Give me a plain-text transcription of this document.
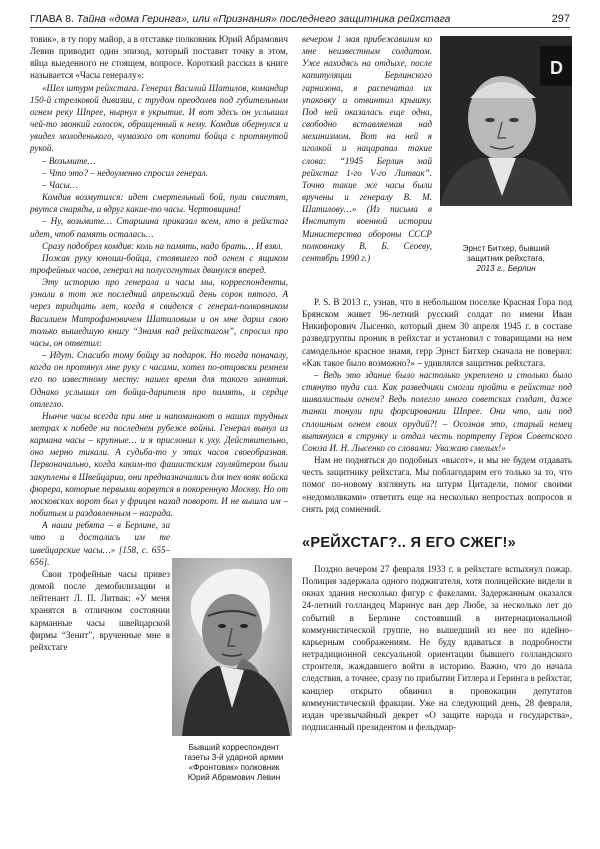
ГЛАВА 8. Тайна «дома Геринга», или «Признания» последнего защитника рейхстага	297

товик», в ту пору майор, а в отставке полковник Юрий Абрамович Левин приводит один эпизод, который поставит точку в этом, яйца выеденного не стоящем, вопросе. Короткий рассказ в книге называется «Часы генералу»:

«Шел штурм рейхстага. Генерал Василий Шатилов, командир 150-й стрелковой дивизии, с трудом преодолев под губительным огнем реку Шпрее, нырнул в укрытие. И вот здесь он услышал чей-то звонкий голосок, обращенный к нему. Комдив обернулся и увидел молоденького, чумазого от копоти бойца с протянутой рукой.

– Возьмите…

– Что это? – недоуменно спросил генерал.

– Часы…

Комдив возмутился: идет смертельный бой, пули свистят, рвутся снаряды, и вдруг какие-то часы. Чертовщина!

– Ну, возьмите… Старшина приказал всем, кто в рейхстаг идет, чтоб память осталась…

Сразу подобрел комдив: коль на память, надо брать… И взял.

Пожав руку юноши-бойца, стоявшего под огнем с ящиком трофейных часов, генерал на полусогнутых двинулся вперед.

Эту историю про генерала и часы мы, корреспонденты, узнали в тот же последний апрельский день сорок пятого. А через тридцать лет, когда я свиделся с генерал-полковником Василием Митрофановичем Шатиловым и он мне дарил свою только вышедшую книгу “Знамя над рейхстагом”, спросил про часы, он ответил:

– Идут. Спасибо тому бойцу за подарок. Но тогда поначалу, когда он протянул мне руку с часами, хотел по-отцовски ремнем его по известному месту: нашел время для такого занятия. Однако услышал от бойца-дарителя про память, и сердце отлегло.

Нынче часы всегда при мне и напоминают о наших трудных метрах к победе на последнем рубеже войны. Генерал вынул из кармана часы – крупные… и я прислонил к уху. Действительно, оно мерно тикали. А судьба-то у этих часов своеобразная. Первоначально, когда каким-то фашистским гауляйтером были закуплены в Швейцарии, они предназначались для тех вояк войска фюрера, которые первыми ворвутся в покоренную Москву. Но от московских ворот был у фрицев назад поворот. И не вышла им – побитым и раздавленным – награда.

А наши ребята – в Берлине, за что и достались им те швейцарские часы…» [158, с. 655–656].

Свои трофейные часы привез домой после демобилизации и лейтенант Л. П. Литвак: «У меня хранятся в отличном состоянии карманные часы швейцарской фирмы “Зенит”, врученные мне в рейхстаге

Бывший корреспондент
газеты 3-й ударной армии
«Фронтовик» полковник
Юрий Абрамович Левин

вечером 1 мая прибежавшим ко мне неизвестным солдатом. Уже находясь на отдыхе, после капитуляции Берлинского гарнизона, я распечатал их упаковку и отвинтил крышку. Под ней оказалась еще одна, свободно вставляемая над механизмом. Вот на ней я иголкой и нацарапал такие слова: “1945 Берлин май рейхстаг 1-го V-го Литвак”. Точно такие же часы были вручены и генералу В. М. Шатилову…» (Из письма в Институт военной истории Министерства обороны СССР полковнику В. Б. Сеоеву, сентябрь 1990 г.)

D
Эрнст Битхер, бывший
защитник рейхстага,
2013 г., Берлин

P. S. В 2013 г., узнав, что в небольшом поселке Красная Гора под Брянском живет 96-летний русский солдат по имени Иван Никифорович Лысенко, который днем 30 апреля 1945 г. в составе разведгруппы проник в рейхстаг и установил с товарищами на нем самодельное красное знамя, герр Эрнст Битхер сначала не поверил: «Как такое было возможно?» – удивлялся защитник рейхстага.

– Ведь это здание было настолько укреплено и столько было стянуто туда сил. Как разведчики смогли пройти в рейхстаг под ишвалистым огнем? Ведь полегло много советских солдат, даже танки тонули при форсировании Шпрее. Они что, или под сплошным огнем своих орудий?! – Осознав это, старый немец вытянулся в струнку и отдал честь портрету Героя Советского Союза И. Н. Лысенко со словами: Уважаю смелых!»

Нам не подняться до подобных «высот», и мы не будем отдавать честь защитнику рейхстага. Мы поблагодарим его только за то, что помог по-новому взглянуть на штурм Цитадели, помог своими «недомолвками» ответить еще на несколько непростых вопросов и снять ряд сомнений.

«РЕЙХСТАГ?.. Я ЕГО СЖЕГ!»

Поздно вечером 27 февраля 1933 г. в рейхстаге вспыхнул пожар. Полиция задержала одного поджигателя, хотя полицейские видели в окнах здания несколько фигур с факелами. Задержанным оказался 24-летний голландец Маринус ван дер Любе, за несколько лет до событий в Берлине состоявший в интернациональной коммунистической группе, но вышедший из нее по идейно-карьерным соображениям. Не буду вдаваться в подробности нетрадиционной сексуальной ориентации бывшего голландского строителя, жаждавшего войти в историю. Важно, что до начала следствия, а точнее, сразу по прибытии Гитлера и Геринга в рейхстаг, канцлер открыто обвинил в провокации депутатов коммунистической фракции. Уже на следующий день, 28 февраля, издан чрезвычайный декрет «О защите народа и государства», подписанный президентом и фельдмар-
